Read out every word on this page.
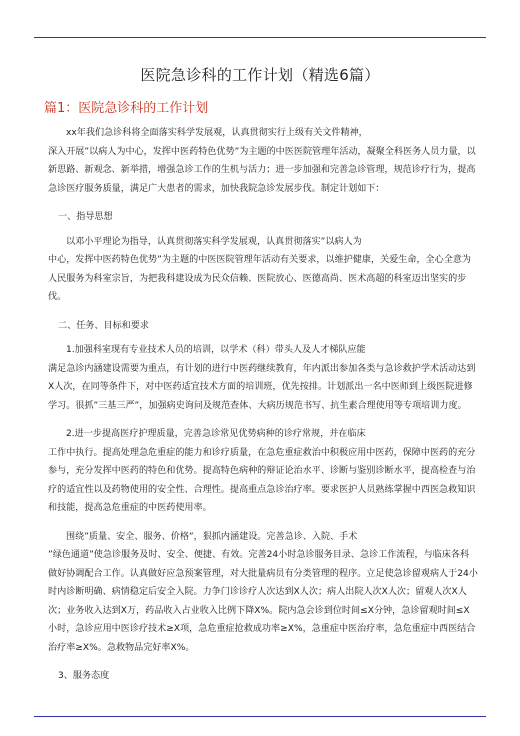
医院急诊科的工作计划（精选6篇）
篇1：医院急诊科的工作计划

xx年我们急诊科将全面落实科学发展观，认真贯彻实行上级有关文件精神，

深入开展”以病人为中心，发挥中医药特色优势”为主题的中医医院管理年活动，凝聚全科医务人员力量，以新思路、新观念、新举措，增强急诊工作的生机与活力；进一步加强和完善急诊管理，规范诊疗行为，提高急诊医疗服务质量，满足广大患者的需求，加快我院急诊发展步伐。制定计划如下：

一、指导思想

以邓小平理论为指导，认真贯彻落实科学发展观，认真贯彻落实”以病人为

中心，发挥中医药特色优势”为主题的中医医院管理年活动有关要求，以维护健康，关爱生命，全心全意为人民服务为科室宗旨，为把我科建设成为民众信赖、医院放心、医德高尚、医术高超的科室迈出坚实的步伐。

二、任务、目标和要求

1.加强科室现有专业技术人员的培训，以学术（科）带头人及人才梯队应能

满足急诊内涵建设需要为重点，有计划的进行中医药继续教育，年内派出参加各类与急诊救护学术活动达到X人次，在同等条件下，对中医药适宜技术方面的培训班，优先按排。计划派出一名中医师到上级医院进修学习。很抓”三基三严”，加强病史询问及规范查体、大病历规范书写、抗生素合理使用等专项培训力度。

2.进一步提高医疗护理质量，完善急诊常见优势病种的诊疗常规，并在临床

工作中执行。提高处理急危重症的能力和诊疗质量，在急危重症救治中积极应用中医药，保障中医药的充分参与，充分发挥中医药的特色和优势。提高特色病种的辩证论治水平、诊断与鉴别诊断水平，提高检查与治疗的适宜性以及药物使用的安全性、合理性。提高重点急诊治疗率。要求医护人员熟练掌握中西医急救知识和技能，提高急危重症的中医药使用率。

围绕”质量、安全、服务、价格”，狠抓内涵建设。完善急诊、入院、手术

”绿色通道”使急诊服务及时、安全、便捷、有效。完善24小时急诊服务目录、急诊工作流程，与临床各科做好协调配合工作。认真做好应急预案管理，对大批量病员有分类管理的程序。立足使急诊留观病人于24小时内诊断明确、病情稳定后安全入院。力争门诊诊疗人次达到X人次；病人出院人次X人次；留观人次X人次；业务收入达到X万，药品收入占业收入比例下降X%。院内急会诊到位时间≤X分钟，急诊留观时间≤X小时，急诊应用中医诊疗技术≥X项，急危重症抢救成功率≥X%，急重症中医治疗率，急危重症中西医结合治疗率≥X%。急救物品完好率X%。

3、服务态度
